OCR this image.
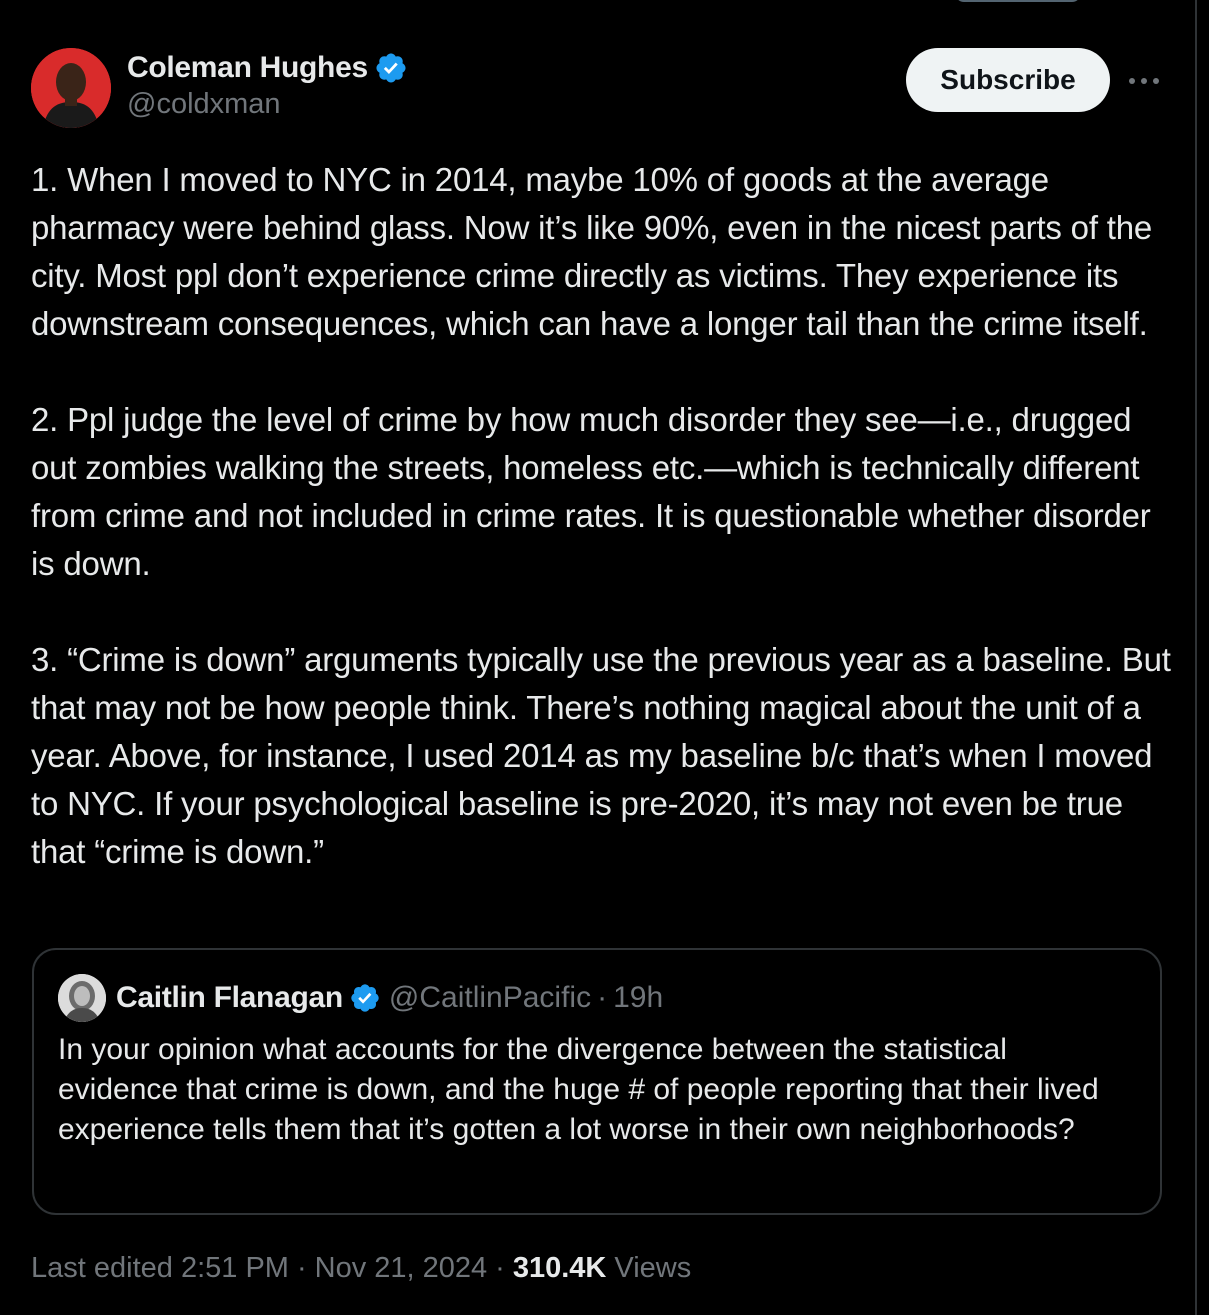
Coleman Hughes
@coldxman
Subscribe

1. When I moved to NYC in 2014, maybe 10% of goods at the average pharmacy were behind glass. Now it’s like 90%, even in the nicest parts of the city. Most ppl don’t experience crime directly as victims. They experience its downstream consequences, which can have a longer tail than the crime itself.

2. Ppl judge the level of crime by how much disorder they see—i.e., drugged out zombies walking the streets, homeless etc.—which is technically different from crime and not included in crime rates. It is questionable whether disorder is down.

3. “Crime is down” arguments typically use the previous year as a baseline. But that may not be how people think. There’s nothing magical about the unit of a year. Above, for instance, I used 2014 as my baseline b/c that’s when I moved to NYC. If your psychological baseline is pre-2020, it’s may not even be true that “crime is down.”

Caitlin Flanagan @CaitlinPacific · 19h
In your opinion what accounts for the divergence between the statistical evidence that crime is down, and the huge # of people reporting that their lived experience tells them that it’s gotten a lot worse in their own neighborhoods?
Last edited 2:51 PM · Nov 21, 2024 · 310.4K Views
